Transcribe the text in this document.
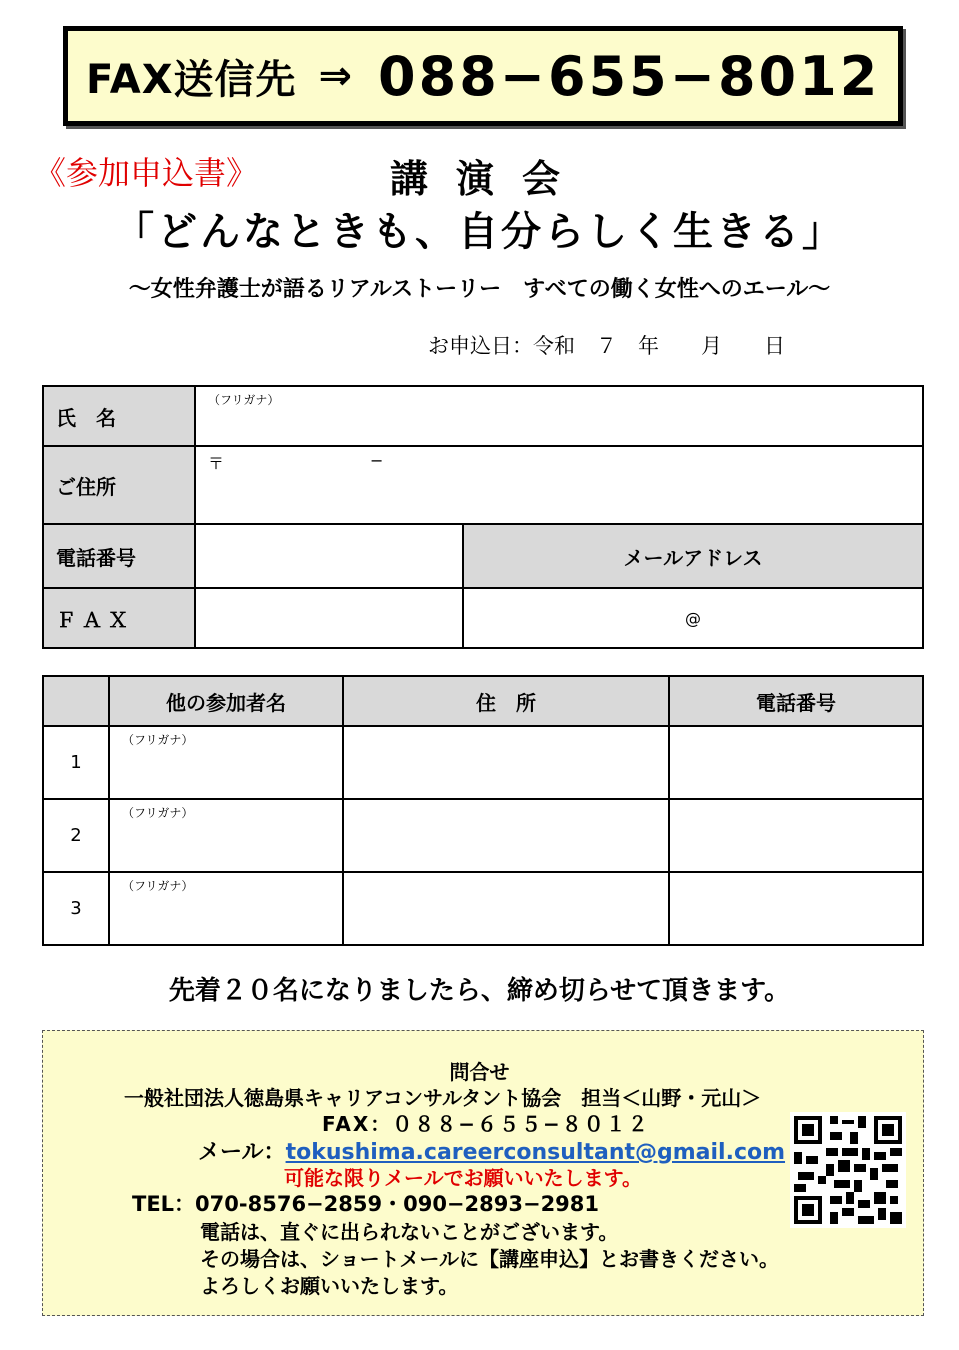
FAX送信先 ⇒ 088−655−8012
《参加申込書》	講演会
「どんなときも、自分らしく生きる」
〜女性弁護士が語るリアルストーリー　すべての働く女性へのエール〜
お申込日：令和　７　年　　月　　日
氏　名	（フリガナ）	

ご住所	〒 −	

電話番号		メールアドレス
ＦＡＸ		@
	他の参加者名	住　所	電話番号
1	（フリガナ）		

2	（フリガナ）		

3	（フリガナ）		

先着２０名になりましたら、締め切らせて頂きます。
問合せ
一般社団法人徳島県キャリアコンサルタント協会　担当＜山野・元山＞
FAX：０８８−６５５−８０１２
メール：tokushima.careerconsultant@gmail.com
可能な限りメールでお願いいたします。
TEL：070-8576−2859・090−2893−2981
電話は、直ぐに出られないことがございます。
その場合は、ショートメールに【講座申込】とお書きください。
よろしくお願いいたします。
